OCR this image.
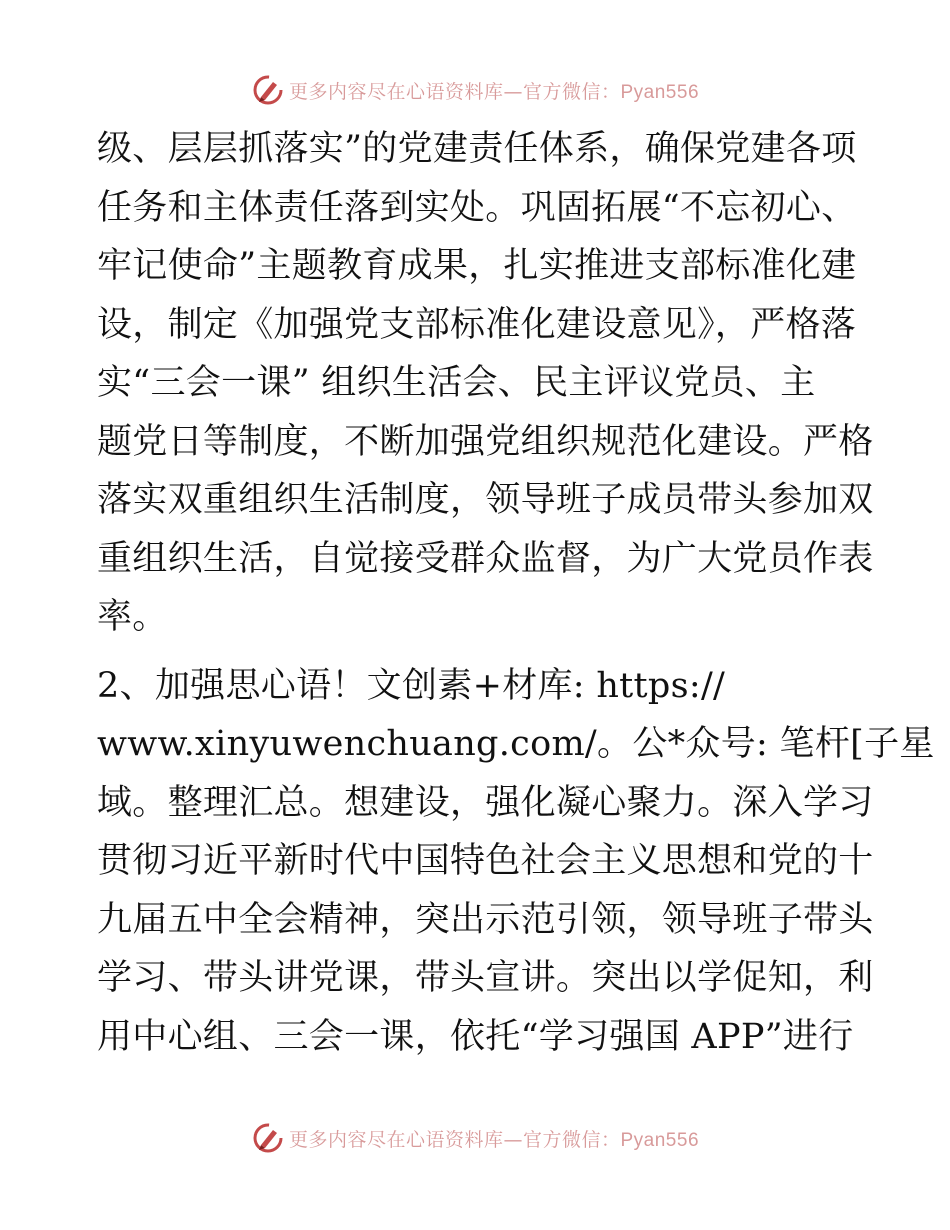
更多内容尽在心语资料库—官方微信：Pyan556
级、层层抓落实”的党建责任体系，确保党建各项
任务和主体责任落到实处。巩固拓展“不忘初心、
牢记使命”主题教育成果，扎实推进支部标准化建
设，制定《加强党支部标准化建设意见》，严格落
实“三会一课” 组织生活会、民主评议党员、主
题党日等制度，不断加强党组织规范化建设。严格
落实双重组织生活制度，领导班子成员带头参加双
重组织生活，自觉接受群众监督，为广大党员作表
率。
2、加强思心语！文创素+材库: https://
www.xinyuwenchuang.com/。公*众号: 笔杆[子星
域。整理汇总。想建设，强化凝心聚力。深入学习
贯彻习近平新时代中国特色社会主义思想和党的十
九届五中全会精神，突出示范引领，领导班子带头
学习、带头讲党课，带头宣讲。突出以学促知，利
用中心组、三会一课，依托“学习强国 APP”进行
更多内容尽在心语资料库—官方微信：Pyan556
